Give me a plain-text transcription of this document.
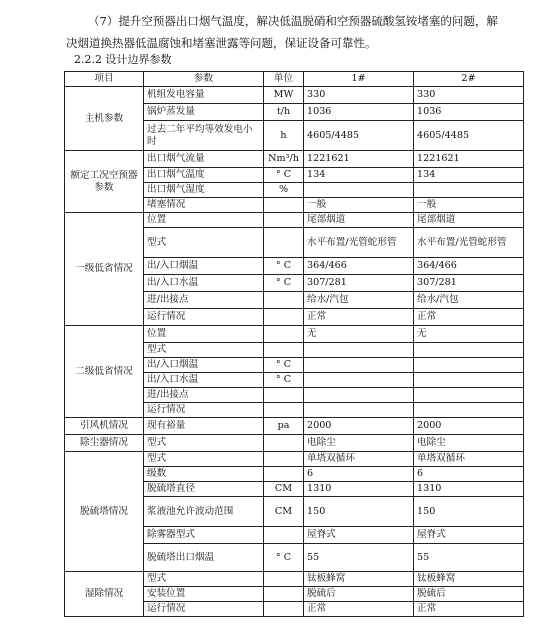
（7）提升空预器出口烟气温度，解决低温脱硝和空预器硫酸氢铵堵塞的问题，解决烟道换热器低温腐蚀和堵塞泄露等问题，保证设备可靠性。
2.2.2 设计边界参数
项目	参数	单位	1#	2#
主机参数	机组发电容量	MW	330	330
	锅炉蒸发量	t/h	1036	1036
	过去二年平均等效发电小时	h	4605/4485	4605/4485
额定工况空预器参数	出口烟气流量	Nm³/h	1221621	1221621
	出口烟气温度	° C	134	134
	出口烟气湿度	%		
	堵塞情况		一般	一般
一级低省情况	位置		尾部烟道	尾部烟道
	型式		水平布置/光管蛇形管	水平布置/光管蛇形管
	出/入口烟温	° C	364/466	364/466
	出/入口水温	° C	307/281	307/281
	进/出接点		给水/汽包	给水/汽包
	运行情况		正常	正常
二级低省情况	位置		无	无
	型式			
	出/入口烟温	° C		
	出/入口水温	° C		
	进/出接点			
	运行情况			
引风机情况	现有裕量	pa	2000	2000
除尘器情况	型式		电除尘	电除尘
脱硫塔情况	型式		单塔双循环	单塔双循环
	级数		6	6
	脱硫塔直径	CM	1310	1310
	浆液池允许波动范围	CM	150	150
	除雾器型式		屋脊式	屋脊式
	脱硫塔出口烟温	° C	55	55
湿除情况	型式		钛板蜂窝	钛板蜂窝
	安装位置		脱硫后	脱硫后
	运行情况		正常	正常
